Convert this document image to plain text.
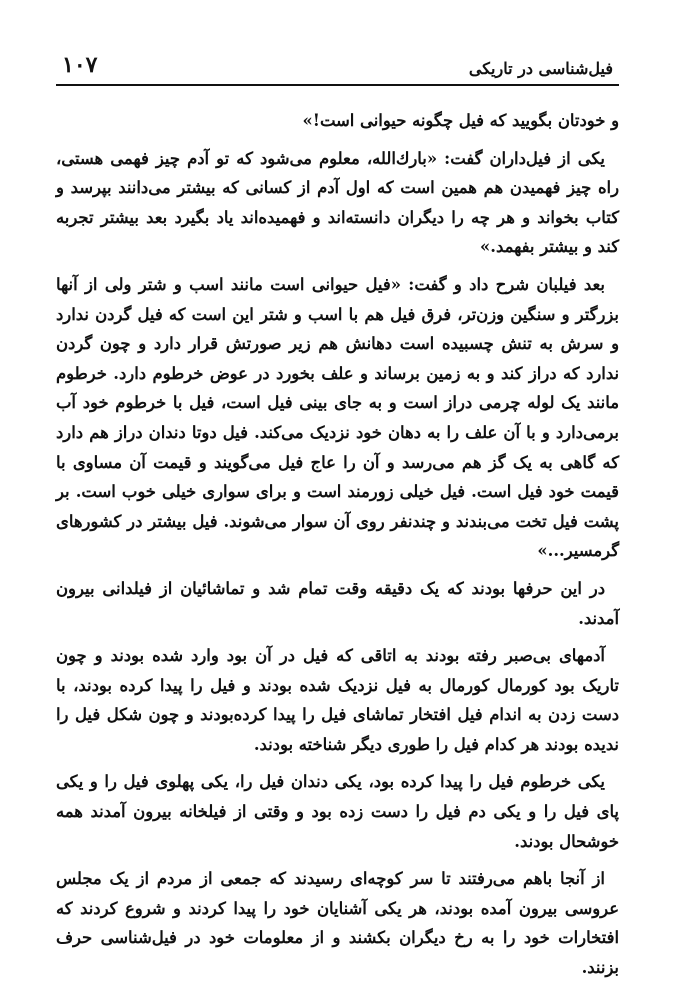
فیل‌شناسی در تاریکی
۱۰۷

و خودتان بگویید که فیل چگونه حیوانی است!»

یکی از فیل‌داران گفت: «بارك‌الله، معلوم می‌شود که تو آدم چیز فهمی هستی، راه چیز فهمیدن هم همین است که اول آدم از کسانی که بیشتر می‌دانند بپرسد و کتاب بخواند و هر چه را دیگران دانسته‌اند و فهمیده‌اند یاد بگیرد بعد بیشتر تجربه کند و بیشتر بفهمد.»

بعد فیلبان شرح داد و گفت: «فیل حیوانی است مانند اسب و شتر ولی از آنها بزرگتر و سنگین وزن‌تر، فرق فیل هم با اسب و شتر این است که فیل گردن ندارد و سرش به تنش چسبیده است دهانش هم زیر صورتش قرار دارد و چون گردن ندارد که دراز کند و به زمین برساند و علف بخورد در عوض خرطوم دارد. خرطوم مانند یک لوله چرمی دراز است و به جای بینی فیل است، فیل با خرطوم خود آب برمی‌دارد و با آن علف را به دهان خود نزدیک می‌کند. فیل دوتا دندان دراز هم دارد که گاهی به یک گز هم می‌رسد و آن را عاج فیل می‌گویند و قیمت آن مساوی با قیمت خود فیل است. فیل خیلی زورمند است و برای سواری خیلی خوب است. بر پشت فیل تخت می‌بندند و چندنفر روی آن سوار می‌شوند. فیل بیشتر در کشورهای گرمسیر...»

در این حرفها بودند که یک دقیقه وقت تمام شد و تماشائیان از فیلدانی بیرون آمدند.

آدمهای بی‌صبر رفته بودند به اتاقی که فیل در آن بود وارد شده بودند و چون تاریک بود کورمال کورمال به فیل نزدیک شده بودند و فیل را پیدا کرده بودند، با دست زدن به اندام فیل افتخار تماشای فیل را پیدا کرده‌بودند و چون شکل فیل را ندیده بودند هر کدام فیل را طوری دیگر شناخته بودند.

یکی خرطوم فیل را پیدا کرده بود، یکی دندان فیل را، یکی پهلوی فیل را و یکی پای فیل را و یکی دم فیل را دست زده بود و وقتی از فیلخانه بیرون آمدند همه خوشحال بودند.

از آنجا باهم می‌رفتند تا سر کوچه‌ای رسیدند که جمعی از مردم از یک مجلس عروسی بیرون آمده بودند، هر یکی آشنایان خود را پیدا کردند و شروع کردند که افتخارات خود را به رخ دیگران بکشند و از معلومات خود در فیل‌شناسی حرف بزنند.
